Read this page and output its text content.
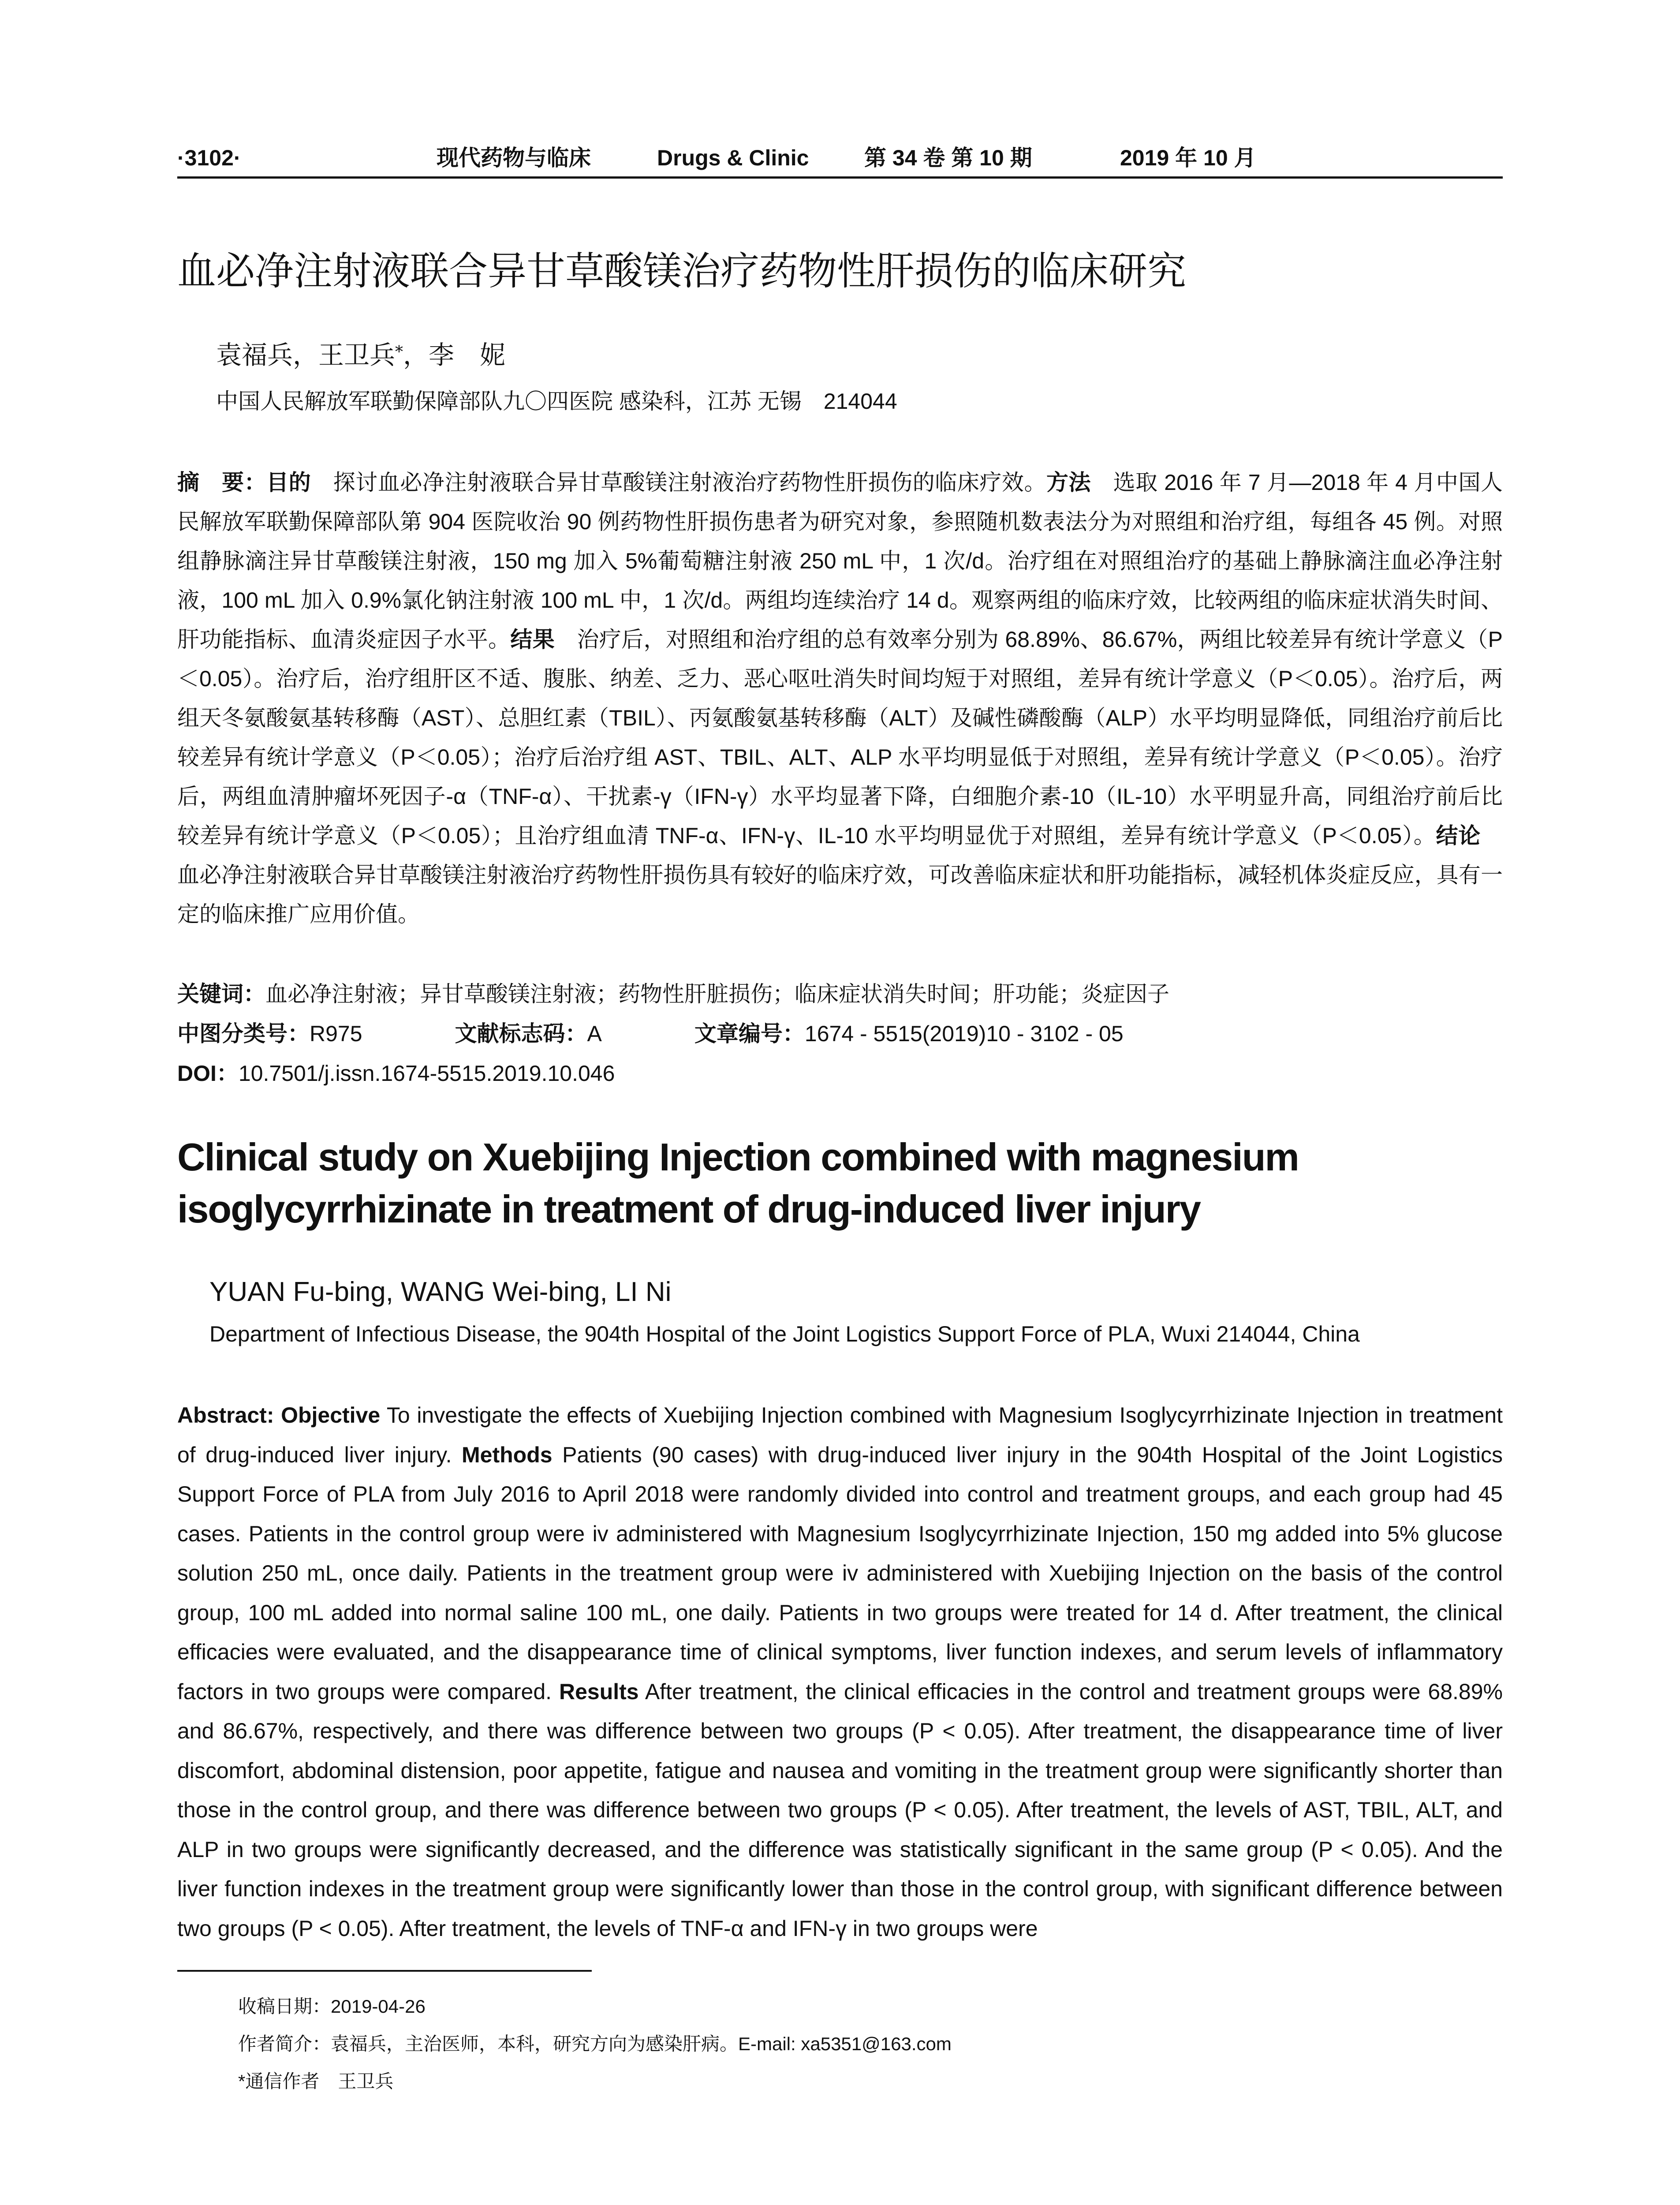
·3102·	现代药物与临床	Drugs & Clinic	第 34 卷 第 10 期	2019 年 10 月
血必净注射液联合异甘草酸镁治疗药物性肝损伤的临床研究
袁福兵，王卫兵*，李　妮
中国人民解放军联勤保障部队九〇四医院 感染科，江苏 无锡　214044
摘　要：目的　探讨血必净注射液联合异甘草酸镁注射液治疗药物性肝损伤的临床疗效。方法　选取 2016 年 7 月—2018 年 4 月中国人民解放军联勤保障部队第 904 医院收治 90 例药物性肝损伤患者为研究对象，参照随机数表法分为对照组和治疗组，每组各 45 例。对照组静脉滴注异甘草酸镁注射液，150 mg 加入 5%葡萄糖注射液 250 mL 中，1 次/d。治疗组在对照组治疗的基础上静脉滴注血必净注射液，100 mL 加入 0.9%氯化钠注射液 100 mL 中，1 次/d。两组均连续治疗 14 d。观察两组的临床疗效，比较两组的临床症状消失时间、肝功能指标、血清炎症因子水平。结果　治疗后，对照组和治疗组的总有效率分别为 68.89%、86.67%，两组比较差异有统计学意义（P＜0.05）。治疗后，治疗组肝区不适、腹胀、纳差、乏力、恶心呕吐消失时间均短于对照组，差异有统计学意义（P＜0.05）。治疗后，两组天冬氨酸氨基转移酶（AST）、总胆红素（TBIL）、丙氨酸氨基转移酶（ALT）及碱性磷酸酶（ALP）水平均明显降低，同组治疗前后比较差异有统计学意义（P＜0.05）；治疗后治疗组 AST、TBIL、ALT、ALP 水平均明显低于对照组，差异有统计学意义（P＜0.05）。治疗后，两组血清肿瘤坏死因子-α（TNF-α）、干扰素-γ（IFN-γ）水平均显著下降，白细胞介素-10（IL-10）水平明显升高，同组治疗前后比较差异有统计学意义（P＜0.05）；且治疗组血清 TNF-α、IFN-γ、IL-10 水平均明显优于对照组，差异有统计学意义（P＜0.05）。结论　血必净注射液联合异甘草酸镁注射液治疗药物性肝损伤具有较好的临床疗效，可改善临床症状和肝功能指标，减轻机体炎症反应，具有一定的临床推广应用价值。
关键词：血必净注射液；异甘草酸镁注射液；药物性肝脏损伤；临床症状消失时间；肝功能；炎症因子
中图分类号：R975	文献标志码：A	文章编号：1674 - 5515(2019)10 - 3102 - 05
DOI：10.7501/j.issn.1674-5515.2019.10.046
Clinical study on Xuebijing Injection combined with magnesium isoglycyrrhizinate in treatment of drug-induced liver injury
YUAN Fu-bing, WANG Wei-bing, LI Ni
Department of Infectious Disease, the 904th Hospital of the Joint Logistics Support Force of PLA, Wuxi 214044, China
Abstract: Objective To investigate the effects of Xuebijing Injection combined with Magnesium Isoglycyrrhizinate Injection in treatment of drug-induced liver injury. Methods Patients (90 cases) with drug-induced liver injury in the 904th Hospital of the Joint Logistics Support Force of PLA from July 2016 to April 2018 were randomly divided into control and treatment groups, and each group had 45 cases. Patients in the control group were iv administered with Magnesium Isoglycyrrhizinate Injection, 150 mg added into 5% glucose solution 250 mL, once daily. Patients in the treatment group were iv administered with Xuebijing Injection on the basis of the control group, 100 mL added into normal saline 100 mL, one daily. Patients in two groups were treated for 14 d. After treatment, the clinical efficacies were evaluated, and the disappearance time of clinical symptoms, liver function indexes, and serum levels of inflammatory factors in two groups were compared. Results After treatment, the clinical efficacies in the control and treatment groups were 68.89% and 86.67%, respectively, and there was difference between two groups (P < 0.05). After treatment, the disappearance time of liver discomfort, abdominal distension, poor appetite, fatigue and nausea and vomiting in the treatment group were significantly shorter than those in the control group, and there was difference between two groups (P < 0.05). After treatment, the levels of AST, TBIL, ALT, and ALP in two groups were significantly decreased, and the difference was statistically significant in the same group (P < 0.05). And the liver function indexes in the treatment group were significantly lower than those in the control group, with significant difference between two groups (P < 0.05). After treatment, the levels of TNF-α and IFN-γ in two groups were
收稿日期：2019-04-26
作者简介：袁福兵，主治医师，本科，研究方向为感染肝病。E-mail: xa5351@163.com
*通信作者　王卫兵
